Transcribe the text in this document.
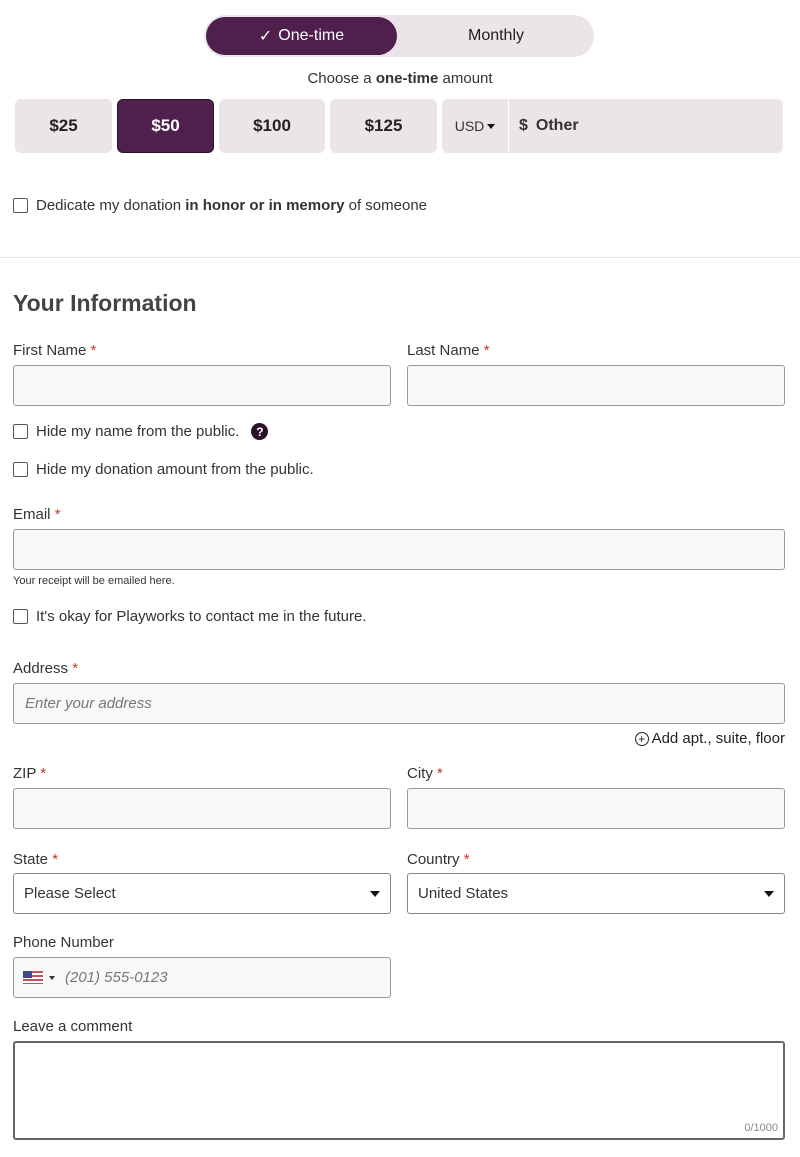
✓ One-time	Monthly
Choose a one-time amount
$25	$50	$100	$125	USD $ Other
Dedicate my donation in honor or in memory of someone
Your Information
First Name *	Last Name *
Hide my name from the public.	?
Hide my donation amount from the public.
Email *
Your receipt will be emailed here.
It's okay for Playworks to contact me in the future.
Address *
Enter your address
+ Add apt., suite, floor
ZIP *	City *
State *
Please Select
Country *
United States
Phone Number
(201) 555-0123
Leave a comment
0/1000
